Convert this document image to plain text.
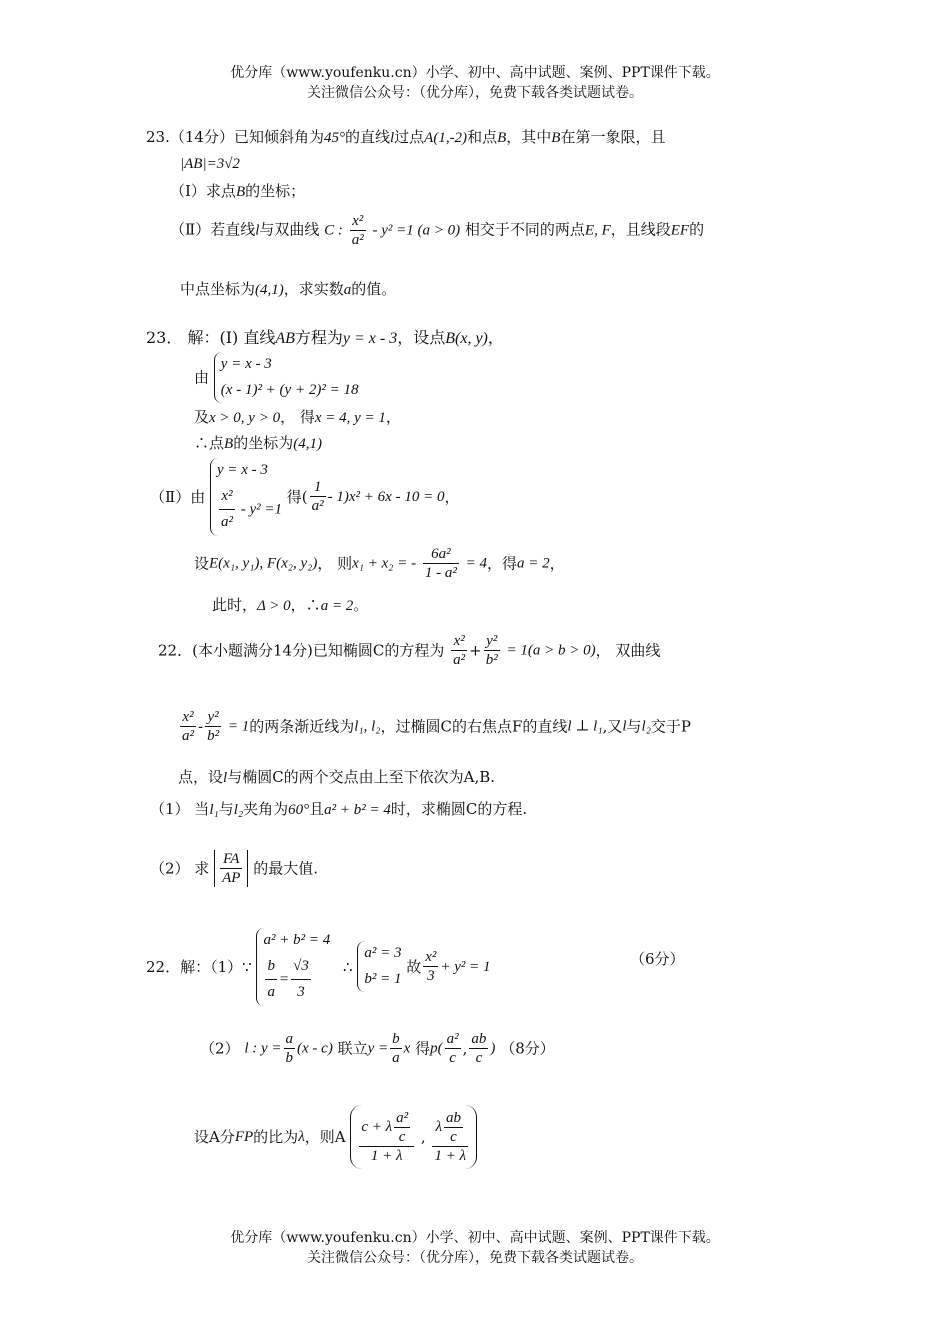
优分库（www.youfenku.cn）小学、初中、高中试题、案例、PPT课件下载。
关注微信公众号：（优分库），免费下载各类试题试卷。
23.（14分）已知倾斜角为45°的直线l过点A(1,-2)和点B，其中B在第一象限，且
|AB|=3√2
（Ⅰ）求点B的坐标；
（Ⅱ）若直线l与双曲线 C : $\frac{\text{x²}}{\text{a²}} - y^2 =1$ (a > 0) 相交于不同的两点E, F，且线段EF的
中点坐标为(4,1)，求实数a的值。
23． 解：(Ⅰ) 直线AB方程为y = x - 3，设点B(x, y)，
由
y = x - 3
(x - 1)² + (y + 2)² = 18
及x > 0, y > 0， 得x = 4, y = 1，
∴点B的坐标为(4,1)
（Ⅱ）由
y = x - 3
$\frac{\text{x²}}{\text{a²}} - y^2 =1$
得( $\frac{1}{\text{a²}} - 1)x^2 + 6x - 10 = 0$，
设E(x₁, y₁), F(x₂, y₂)， 则x₁ + x₂ = - $\frac{\text{6a²}}{\text{1 - a²}} = 4$，得a = 2，
此时，Δ > 0，∴a = 2。
22．(本小题满分14分)已知椭圆C的方程为 $\frac{\text{x²}}{\text{a²}} + \frac{\text{y²}}{\text{b²}} = 1(a > b > 0)$， 双曲线
$\frac{\text{x²}}{\text{a²}} - \frac{\text{y²}}{\text{b²}} = 1$的两条渐近线为l₁, l₂，过椭圆C的右焦点F的直线l ⊥ l₁,又l与l₂交于P
点，设l与椭圆C的两个交点由上至下依次为A,B.
（1） 当l₁与l₂夹角为60°且a² + b² = 4时，求椭圆C的方程.
（2） 求 $\frac{FA}{AP}$ 的最大值.
22．解：（1）∵
a² + b² = 4
$\frac{b}{a} = \frac{√3}{3}$ ∴
a² = 3
b² = 1
故 $\frac{\text{x²}}{3} + y^2 = 1$	（6分）
（2） l : $y = \frac{a}{b} (x - c)$ 联立$y = \frac{b}{a}$ x 得$p( \frac{\text{a²}}{c}$ , $\frac{ab}{c}$ ) （8分）
设A分FP的比为λ，则A $\frac{c + \lambda \frac{\text{a²}}{c}}{1 + \lambda}$ , $\frac{\lambda \frac{ab}{c}}{1 + \lambda}$
优分库（www.youfenku.cn）小学、初中、高中试题、案例、PPT课件下载。
关注微信公众号：（优分库），免费下载各类试题试卷。
